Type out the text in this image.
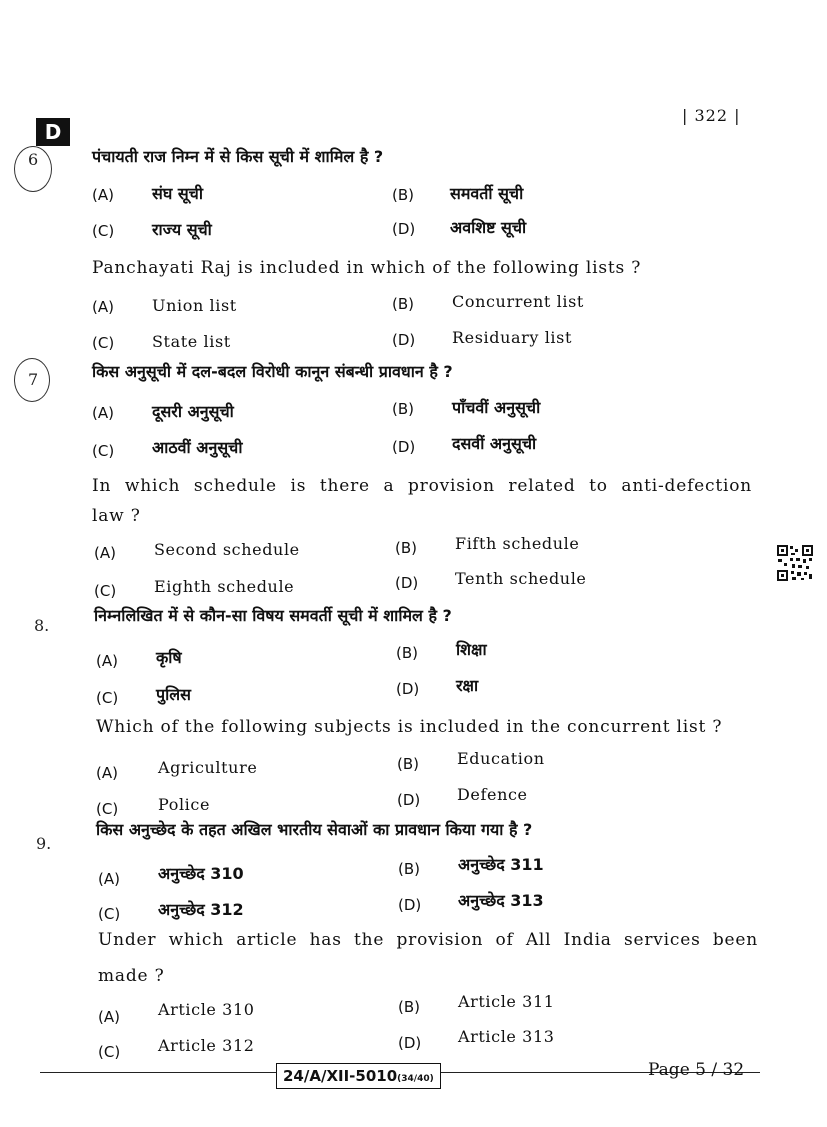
| 322 |
D
6	पंचायती राज निम्न में से किस सूची में शामिल है ?
(A) संघ सूची	(B) समवर्ती सूची
(C) राज्य सूची	(D) अवशिष्ट सूची
Panchayati Raj is included in which of the following lists ?
(A) Union list	(B) Concurrent list
(C) State list	(D) Residuary list
7	किस अनुसूची में दल-बदल विरोधी कानून संबन्धी प्रावधान है ?
(A) दूसरी अनुसूची	(B) पाँचवीं अनुसूची
(C) आठवीं अनुसूची	(D) दसवीं अनुसूची
In which schedule is there a provision related to anti-defection
law ?
(A) Second schedule	(B) Fifth schedule
(C) Eighth schedule	(D) Tenth schedule
8.
निम्नलिखित में से कौन-सा विषय समवर्ती सूची में शामिल है ?
(A) कृषि	(B) शिक्षा
(C) पुलिस	(D) रक्षा
Which of the following subjects is included in the concurrent list ?
(A)	Agriculture	(B) Education
(C) Police	(D) Defence
9.
किस अनुच्छेद के तहत अखिल भारतीय सेवाओं का प्रावधान किया गया है ?
(A) अनुच्छेद 310	(B) अनुच्छेद 311
(C) अनुच्छेद 312	(D) अनुच्छेद 313
Under which article has the provision of All India services been
made ?
(A) Article 310	(B) Article 311
(C) Article 312	(D) Article 313
24/A/XII-5010(34/40)	Page 5 / 32
